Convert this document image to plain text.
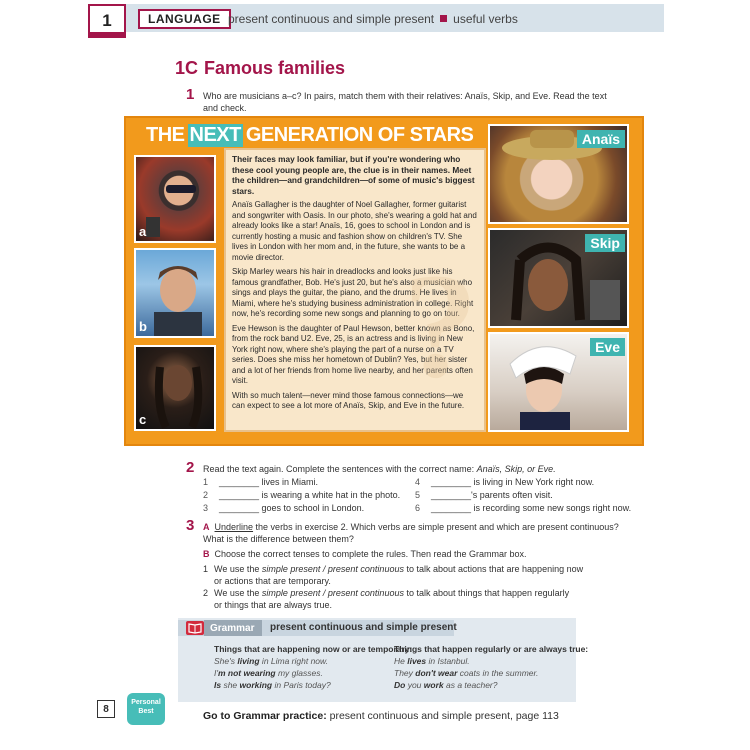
1	LANGUAGE present continuous and simple present useful verbs
1C Famous families
1 Who are musicians a–c? In pairs, match them with their relatives: Anaïs, Skip, and Eve. Read the text and check.
THE NEXT GENERATION OF STARS
a
b
c
?

Their faces may look familiar, but if you're wondering who these cool young people are, the clue is in their names. Meet the children—and grandchildren—of some of music's biggest stars.

Anaïs Gallagher is the daughter of Noel Gallagher, former guitarist and songwriter with Oasis. In our photo, she's wearing a gold hat and already looks like a star! Anaïs, 16, goes to school in London and is currently hosting a music and fashion show on children's TV. She lives in London with her mom and, in the future, she wants to be a movie director.

Skip Marley wears his hair in dreadlocks and looks just like his famous grandfather, Bob. He's just 20, but he's also a musician who sings and plays the guitar, the piano, and the drums. He lives in Miami, where he's studying business administration in college. Right now, he's recording some new songs and planning to go on tour.

Eve Hewson is the daughter of Paul Hewson, better known as Bono, from the rock band U2. Eve, 25, is an actress and is living in New York right now, where she's playing the part of a nurse on a TV series. Does she miss her hometown of Dublin? Yes, but her sister and a lot of her friends from home live nearby, and her parents often visit.

With so much talent—never mind those famous connections—we can expect to see a lot more of Anaïs, Skip, and Eve in the future.

Anaïs
Skip
Eve
2 Read the text again. Complete the sentences with the correct name: Anaïs, Skip, or Eve.
1 ________ lives in Miami.
2 ________ is wearing a white hat in the photo.
3 ________ goes to school in London.
4 ________ is living in New York right now.
5 ________'s parents often visit.
6 ________ is recording some new songs right now.
3 A Underline the verbs in exercise 2. Which verbs are simple present and which are present continuous?
What is the difference between them?
B Choose the correct tenses to complete the rules. Then read the Grammar box.
1 We use the simple present / present continuous to talk about actions that are happening now
or actions that are temporary.
2 We use the simple present / present continuous to talk about things that happen regularly
or things that are always true.
Grammar	present continuous and simple present
Things that are happening now or are temporary:
She's living in Lima right now.
I'm not wearing my glasses.
Is she working in Paris today?
Things that happen regularly or are always true:
He lives in Istanbul.
They don't wear coats in the summer.
Do you work as a teacher?
Personal
Best
8
Go to Grammar practice: present continuous and simple present, page 113
